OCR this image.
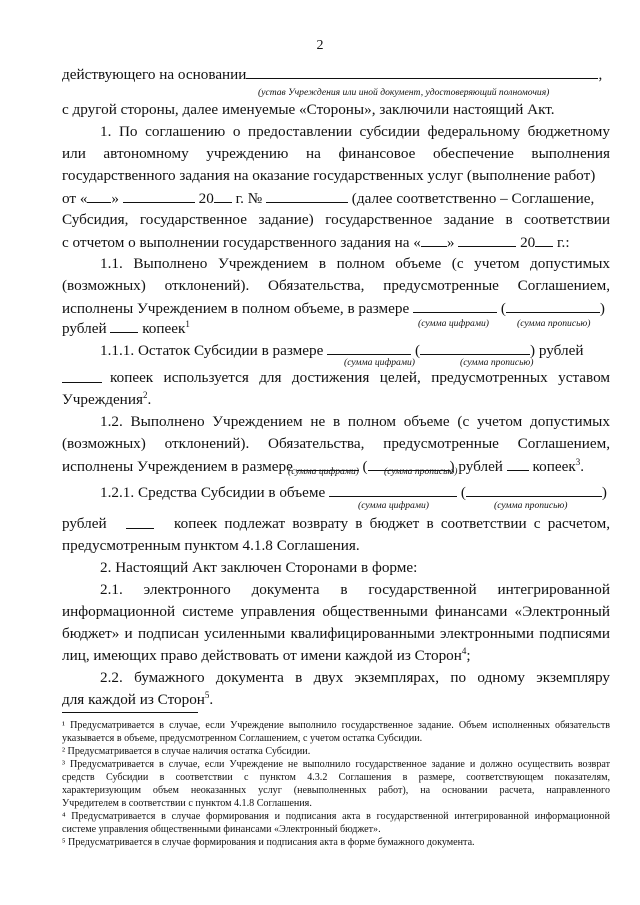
2
действующего на основании	,
(устав Учреждения или иной документ, удостоверяющий полномочия)
с другой стороны, далее именуемые «Стороны», заключили настоящий Акт.
1. По соглашению о предоставлении субсидии федеральному бюджетному
или автономному учреждению на финансовое обеспечение выполнения
государственного задания на оказание государственных услуг (выполнение работ)
от « »	20 г. №	(далее соответственно – Соглашение,
Субсидия, государственное задание) государственное задание в соответствии
с отчетом о выполнении государственного задания на « »	20 г.:
1.1. Выполнено Учреждением в полном объеме (с учетом допустимых
(возможных) отклонений). Обязательства, предусмотренные Соглашением,
исполнены Учреждением в полном объеме, в размере	(	)
(сумма цифрами)	(сумма прописью)
рублей копеек$^1$
1.1.1. Остаток Субсидии в размере	(	) рублей
(сумма цифрами)	(сумма прописью)
копеек используется для достижения целей, предусмотренных уставом
Учреждения$^2$.
1.2. Выполнено Учреждением не в полном объеме (с учетом допустимых
(возможных) отклонений). Обязательства, предусмотренные Соглашением,
исполнены Учреждением в размере	(	) рублей копеек$^3$.
(сумма цифрами)	(сумма прописью)
1.2.1. Средства Субсидии в объеме	(	)
(сумма цифрами)	(сумма прописью)
рублей	копеек подлежат возврату в бюджет в соответствии с расчетом,
предусмотренным пунктом 4.1.8 Соглашения.
2. Настоящий Акт заключен Сторонами в форме:
2.1. электронного документа в государственной интегрированной
информационной системе управления общественными финансами «Электронный
бюджет» и подписан усиленными квалифицированными электронными подписями
лиц, имеющих право действовать от имени каждой из Сторон$^4$;
2.2. бумажного документа в двух экземплярах, по одному экземпляру
для каждой из Сторон$^5$.
¹ Предусматривается в случае, если Учреждение выполнило государственное задание. Объем исполненных обязательств
указывается в объеме, предусмотренном Соглашением, с учетом остатка Субсидии.
² Предусматривается в случае наличия остатка Субсидии.
³ Предусматривается в случае, если Учреждение не выполнило государственное задание и должно осуществить возврат
средств Субсидии в соответствии с пунктом 4.3.2 Соглашения в размере, соответствующем показателям,
характеризующим объем неоказанных услуг (невыполненных работ), на основании расчета, направленного
Учредителем в соответствии с пунктом 4.1.8 Соглашения.
⁴ Предусматривается в случае формирования и подписания акта в государственной интегрированной информационной
системе управления общественными финансами «Электронный бюджет».
⁵ Предусматривается в случае формирования и подписания акта в форме бумажного документа.
